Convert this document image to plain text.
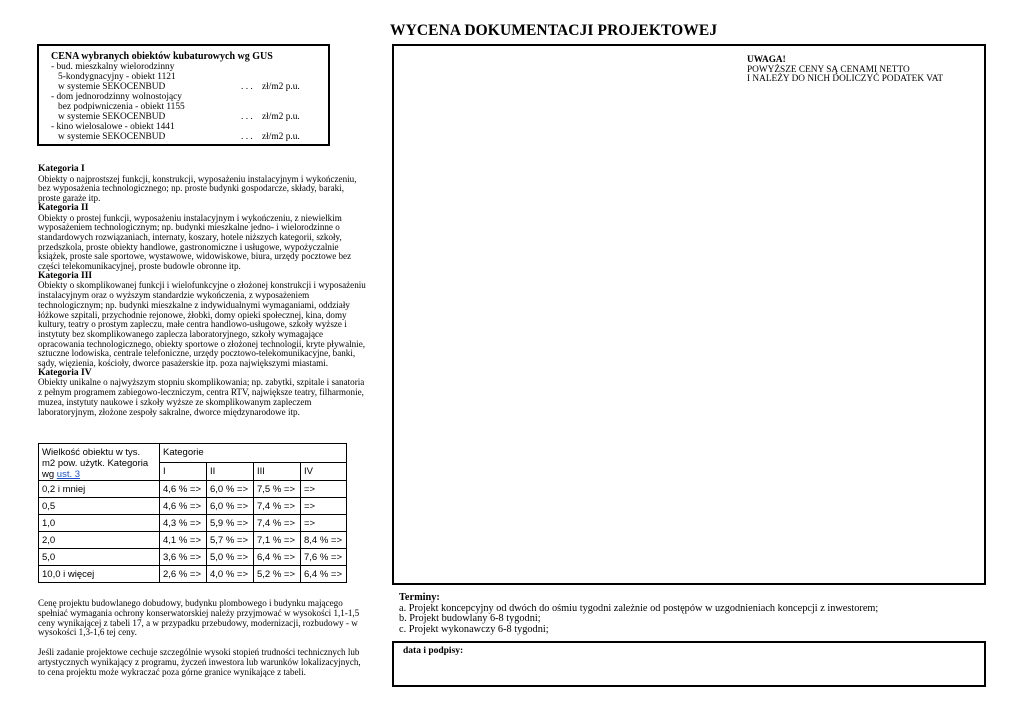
CENA wybranych obiektów kubaturowych wg GUS
- bud. mieszkalny wielorodzinny
5-kondygnacyjny - obiekt 1121
w systemie SEKOCENBUD	. . . zł/m2 p.u.
- dom jednorodzinny wolnostojący
bez podpiwniczenia - obiekt 1155
w systemie SEKOCENBUD	. . . zł/m2 p.u.
- kino wielosalowe - obiekt 1441
w systemie SEKOCENBUD	. . . zł/m2 p.u.
Kategoria I
Obiekty o najprostszej funkcji, konstrukcji, wyposażeniu instalacyjnym i wykończeniu, bez wyposażenia technologicznego; np. proste budynki gospodarcze, składy, baraki, proste garaże itp.
Kategoria II
Obiekty o prostej funkcji, wyposażeniu instalacyjnym i wykończeniu, z niewielkim wyposażeniem technologicznym; np. budynki mieszkalne jedno- i wielorodzinne o standardowych rozwiązaniach, internaty, koszary, hotele niższych kategorii, szkoły, przedszkola, proste obiekty handlowe, gastronomiczne i usługowe, wypożyczalnie książek, proste sale sportowe, wystawowe, widowiskowe, biura, urzędy pocztowe bez części telekomunikacyjnej, proste budowle obronne itp.
Kategoria III
Obiekty o skomplikowanej funkcji i wielofunkcyjne o złożonej konstrukcji i wyposażeniu instalacyjnym oraz o wyższym standardzie wykończenia, z wyposażeniem technologicznym; np. budynki mieszkalne z indywidualnymi wymaganiami, oddziały łóżkowe szpitali, przychodnie rejonowe, żłobki, domy opieki społecznej, kina, domy kultury, teatry o prostym zapleczu, małe centra handlowo-usługowe, szkoły wyższe i instytuty bez skomplikowanego zaplecza laboratoryjnego, szkoły wymagające opracowania technologicznego, obiekty sportowe o złożonej technologii, kryte pływalnie, sztuczne lodowiska, centrale telefoniczne, urzędy pocztowo-telekomunikacyjne, banki, sądy, więzienia, kościoły, dworce pasażerskie itp. poza największymi miastami.
Kategoria IV
Obiekty unikalne o najwyższym stopniu skomplikowania; np. zabytki, szpitale i sanatoria z pełnym programem zabiegowo-leczniczym, centra RTV, największe teatry, filharmonie, muzea, instytuty naukowe i szkoły wyższe ze skomplikowanym zapleczem laboratoryjnym, złożone zespoły sakralne, dworce międzynarodowe itp.
Wielkość obiektu w tys. m2 pow. użytk. Kategoria wg ust. 3	Kategorie			
	I	II	III	IV
0,2 i mniej	4,6 % =>	6,0 % =>	7,5 % =>	=>
0,5	4,6 % =>	6,0 % =>	7,4 % =>	=>
1,0	4,3 % =>	5,9 % =>	7,4 % =>	=>
2,0	4,1 % =>	5,7 % =>	7,1 % =>	8,4 % =>
5,0	3,6 % =>	5,0 % =>	6,4 % =>	7,6 % =>
10,0 i więcej	2,6 % =>	4,0 % =>	5,2 % =>	6,4 % =>
Cenę projektu budowlanego dobudowy, budynku plombowego i budynku mającego spełniać wymagania ochrony konserwatorskiej należy przyjmować w wysokości 1,1-1,5 ceny wynikającej z tabeli 17, a w przypadku przebudowy, modernizacji, rozbudowy - w wysokości 1,3-1,6 tej ceny.
Jeśli zadanie projektowe cechuje szczególnie wysoki stopień trudności technicznych lub artystycznych wynikający z programu, życzeń inwestora lub warunków lokalizacyjnych, to cena projektu może wykraczać poza górne granice wynikające z tabeli.
WYCENA DOKUMENTACJI PROJEKTOWEJ
UWAGA!
POWYŻSZE CENY SĄ CENAMI NETTO
I NALEŻY DO NICH DOLICZYĆ PODATEK VAT
Terminy:
a. Projekt koncepcyjny od dwóch do ośmiu tygodni zależnie od postępów w uzgodnieniach koncepcji z inwestorem;
b. Projekt budowlany 6-8 tygodni;
c. Projekt wykonawczy 6-8 tygodni;
data i podpisy:
